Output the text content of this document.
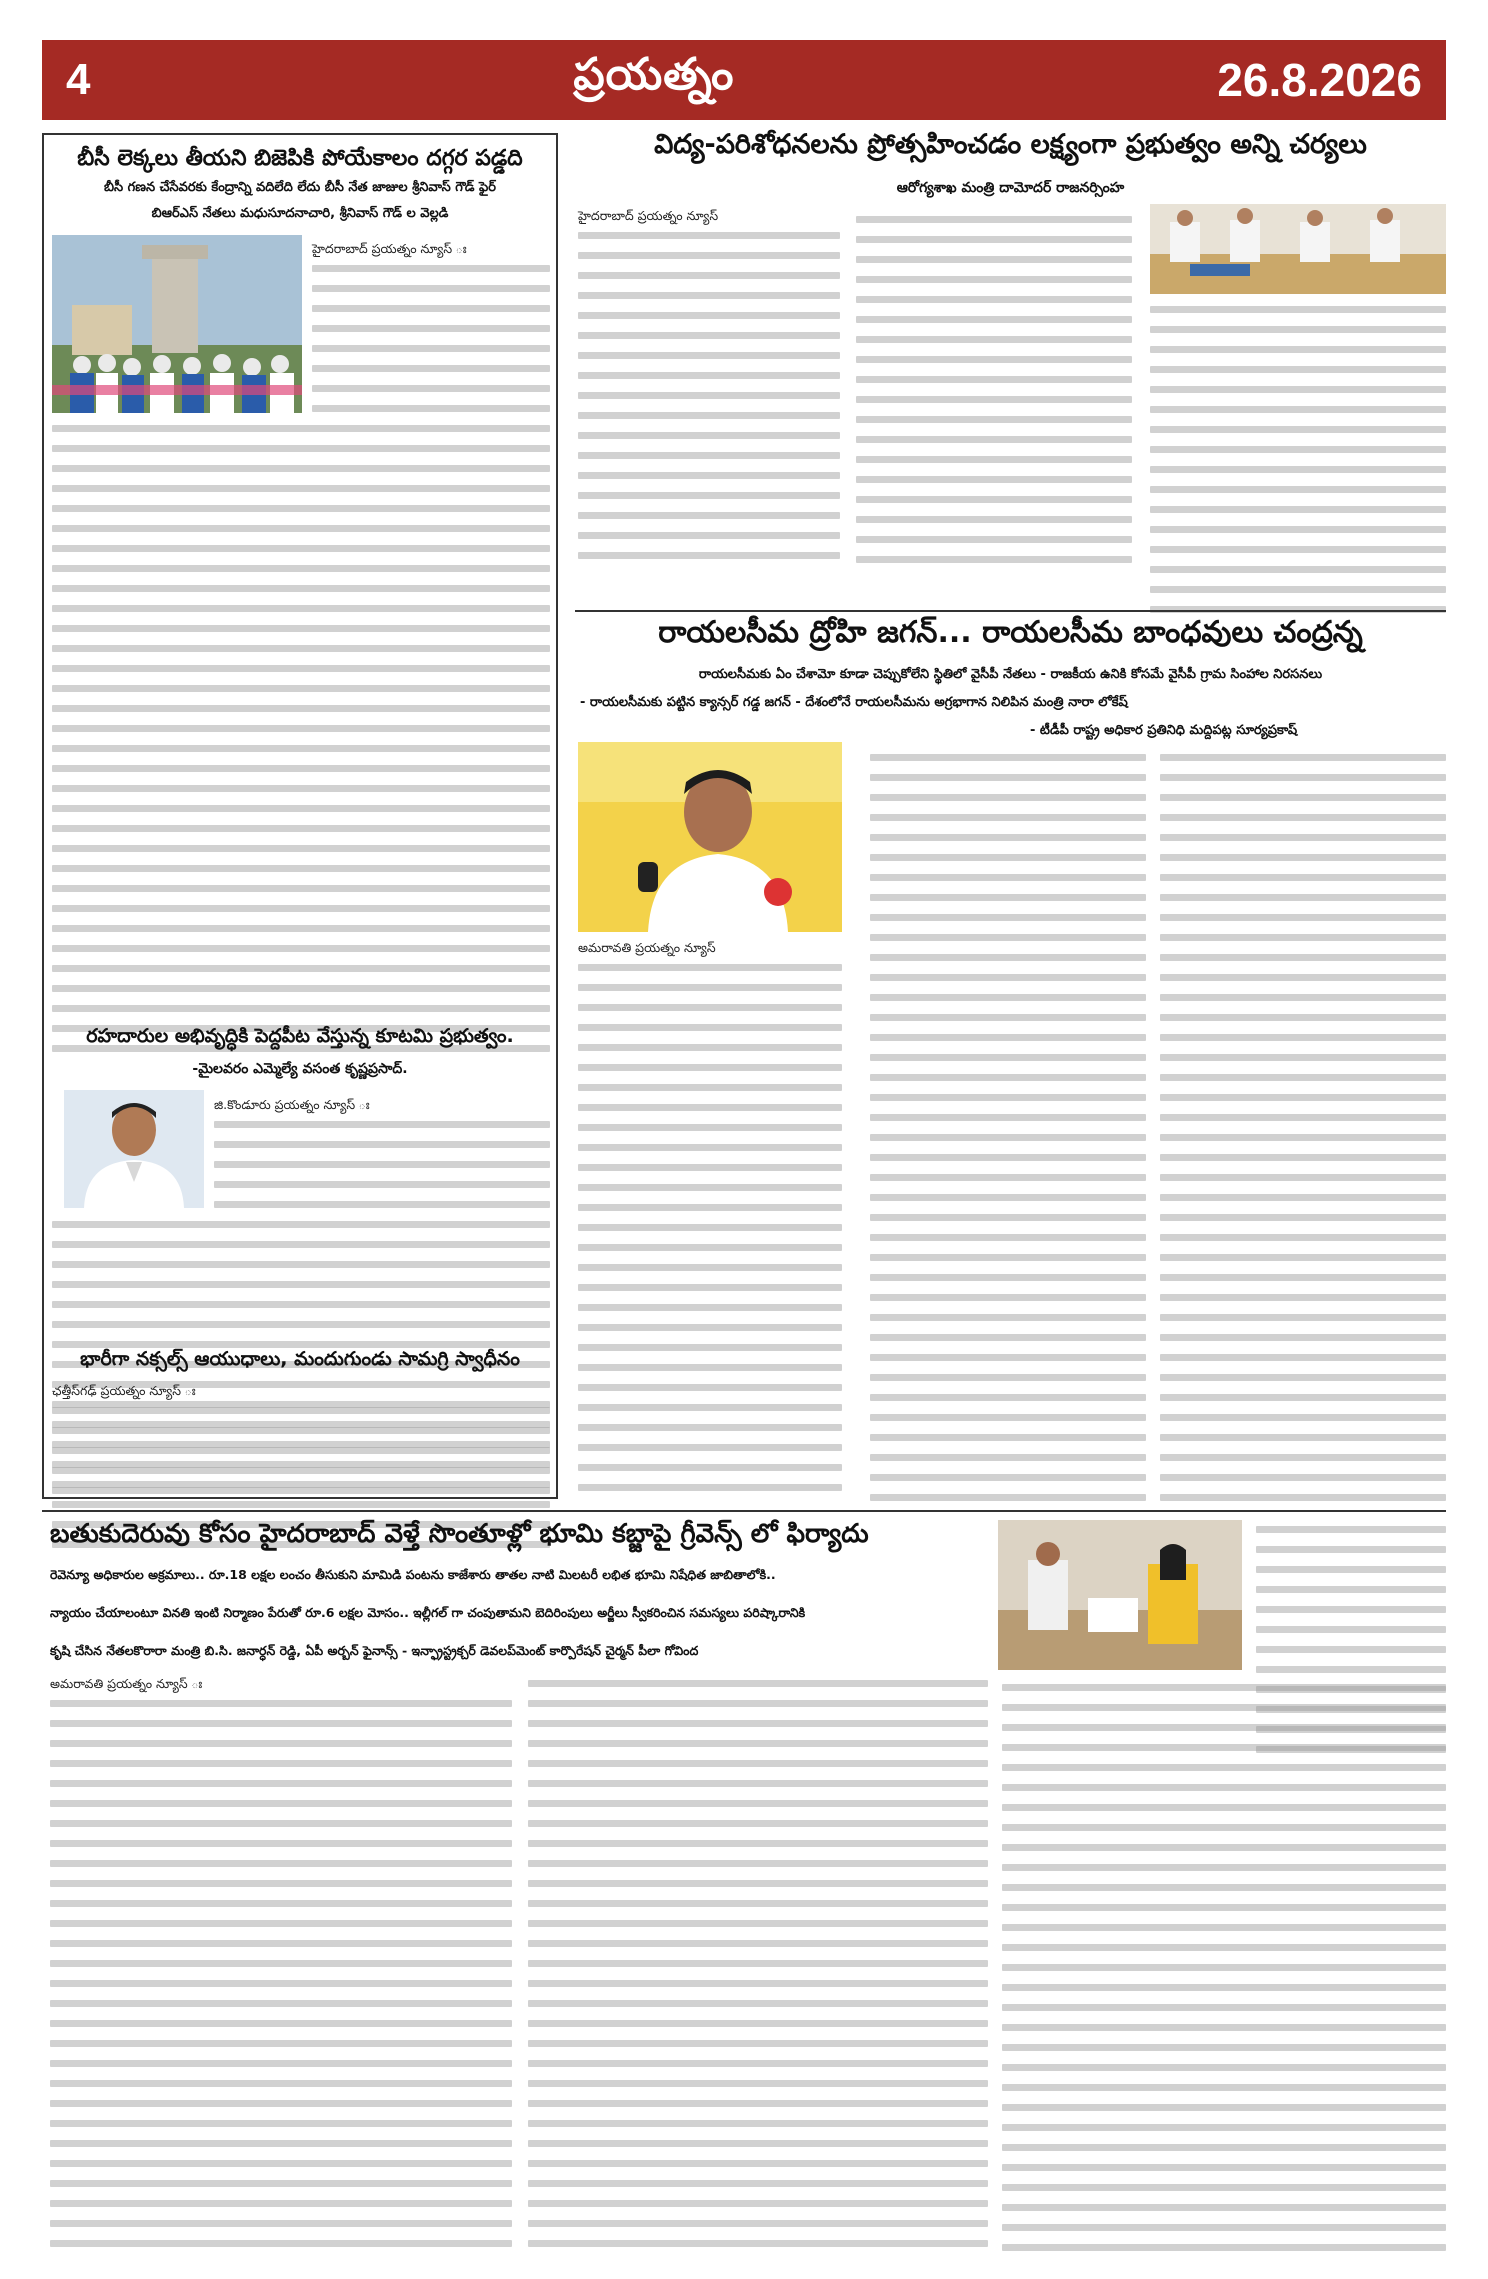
4	ప్రయత్నం	26.8.2026
బీసీ లెక్కలు తీయని బిజెపికి పోయేకాలం దగ్గర పడ్డది
బీసీ గణన చేసేవరకు కేంద్రాన్ని వదిలేది లేదు బీసీ నేత జాజుల శ్రీనివాస్ గౌడ్ ఫైర్
బిఆర్ఎస్ నేతలు మధుసూదనాచారి, శ్రీనివాస్ గౌడ్ ల వెల్లడి
హైదరాబాద్ ప్రయత్నం న్యూస్ ః
రహదారుల అభివృద్ధికి పెద్దపీట వేస్తున్న కూటమి ప్రభుత్వం.
-మైలవరం ఎమ్మెల్యే వసంత కృష్ణప్రసాద్.
జి.కొండూరు ప్రయత్నం న్యూస్ ః
భారీగా నక్సల్స్ ఆయుధాలు, మందుగుండు సామగ్రి స్వాధీనం
ఛత్తీస్‌గఢ్ ప్రయత్నం న్యూస్ ః
విద్య-పరిశోధనలను ప్రోత్సహించడం లక్ష్యంగా ప్రభుత్వం అన్ని చర్యలు
ఆరోగ్యశాఖ మంత్రి దామోదర్ రాజనర్సింహ
హైదరాబాద్ ప్రయత్నం న్యూస్
రాయలసీమ ద్రోహి జగన్... రాయలసీమ బాంధవులు చంద్రన్న
రాయలసీమకు ఏం చేశామో కూడా చెప్పుకోలేని స్థితిలో వైసీపీ నేతలు - రాజకీయ ఉనికి కోసమే వైసీపీ గ్రామ సింహాల నిరసనలు
- రాయలసీమకు పట్టిన క్యాన్సర్ గడ్డ జగన్ - దేశంలోనే రాయలసీమను అగ్రభాగాన నిలిపిన మంత్రి నారా లోకేష్
- టీడీపీ రాష్ట్ర అధికార ప్రతినిధి మద్దిపట్ల సూర్యప్రకాష్
అమరావతి ప్రయత్నం న్యూస్
బతుకుదెరువు కోసం హైదరాబాద్ వెళ్తే సొంతూళ్లో భూమి కబ్జాపై గ్రీవెన్స్ లో ఫిర్యాదు
రెవెన్యూ అధికారుల అక్రమాలు.. రూ.18 లక్షల లంచం తీసుకుని మామిడి పంటను కాజేశారు తాతల నాటి మిలటరీ లభిత భూమి నిషేధిత జాబితాలోకి..
న్యాయం చేయాలంటూ వినతి ఇంటి నిర్మాణం పేరుతో రూ.6 లక్షల మోసం.. ఇల్లీగల్ గా చంపుతామని బెదిరింపులు అర్జీలు స్వీకరించిన సమస్యలు పరిష్కారానికి
కృషి చేసిన నేతలకొరారా మంత్రి బి.సి. జనార్ధన్ రెడ్డి, ఏపీ అర్బన్ ఫైనాన్స్ - ఇన్ఫ్రాస్ట్రక్చర్ డెవలప్‌మెంట్ కార్పొరేషన్ చైర్మన్ పీలా గోవింద
అమరావతి ప్రయత్నం న్యూస్ ః
